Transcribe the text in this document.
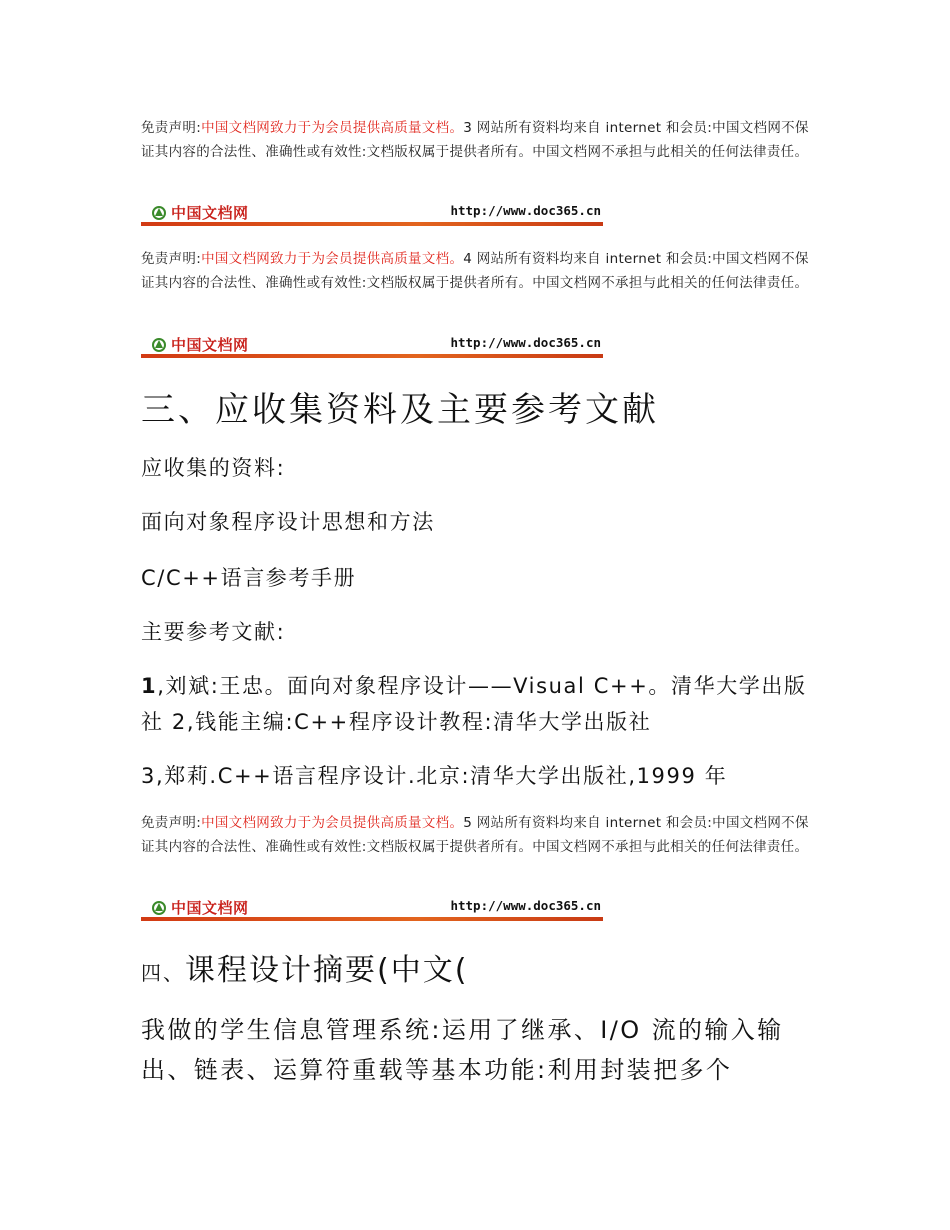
免责声明:中国文档网致力于为会员提供高质量文档。3 网站所有资料均来自 internet 和会员:中国文档网不保证其内容的合法性、准确性或有效性:文档版权属于提供者所有。中国文档网不承担与此相关的任何法律责任。
中国文档网	http://www.doc365.cn
免责声明:中国文档网致力于为会员提供高质量文档。4 网站所有资料均来自 internet 和会员:中国文档网不保证其内容的合法性、准确性或有效性:文档版权属于提供者所有。中国文档网不承担与此相关的任何法律责任。
中国文档网	http://www.doc365.cn
三、应收集资料及主要参考文献
应收集的资料:
面向对象程序设计思想和方法
C/C++语言参考手册
主要参考文献:
1,刘斌:王忠。面向对象程序设计——Visual C++。清华大学出版社 2,钱能主编:C++程序设计教程:清华大学出版社
3,郑莉.C++语言程序设计.北京:清华大学出版社,1999 年
免责声明:中国文档网致力于为会员提供高质量文档。5 网站所有资料均来自 internet 和会员:中国文档网不保证其内容的合法性、准确性或有效性:文档版权属于提供者所有。中国文档网不承担与此相关的任何法律责任。
中国文档网	http://www.doc365.cn
四、课程设计摘要(中文(
我做的学生信息管理系统:运用了继承、I/O 流的输入输出、链表、运算符重载等基本功能:利用封装把多个
